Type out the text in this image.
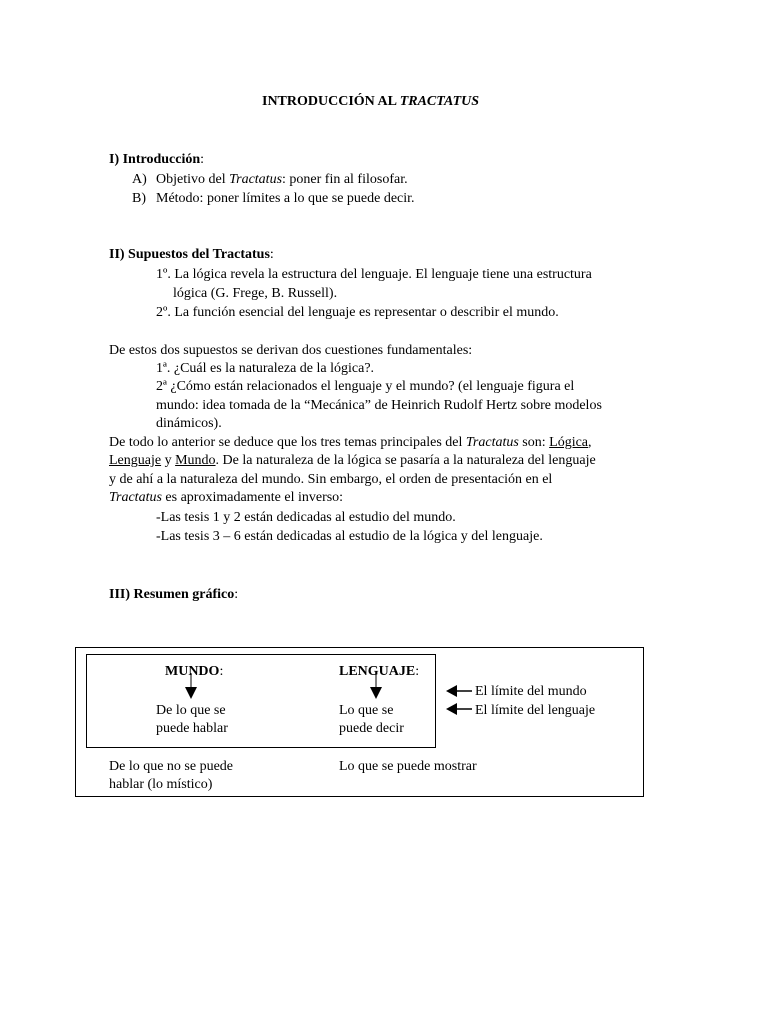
INTRODUCCIÓN AL TRACTATUS
I) Introducción:
A) Objetivo del Tractatus: poner fin al filosofar.
B) Método: poner límites a lo que se puede decir.
II) Supuestos del Tractatus:
1º. La lógica revela la estructura del lenguaje. El lenguaje tiene una estructura
lógica (G. Frege, B. Russell).
2º. La función esencial del lenguaje es representar o describir el mundo.
De estos dos supuestos se derivan dos cuestiones fundamentales:
1ª. ¿Cuál es la naturaleza de la lógica?.
2ª ¿Cómo están relacionados el lenguaje y el mundo? (el lenguaje figura el
mundo: idea tomada de la “Mecánica” de Heinrich Rudolf Hertz sobre modelos
dinámicos).
De todo lo anterior se deduce que los tres temas principales del Tractatus son: Lógica,
Lenguaje y Mundo. De la naturaleza de la lógica se pasaría a la naturaleza del lenguaje
y de ahí a la naturaleza del mundo. Sin embargo, el orden de presentación en el
Tractatus es aproximadamente el inverso:
-Las tesis 1 y 2 están dedicadas al estudio del mundo.
-Las tesis 3 – 6 están dedicadas al estudio de la lógica y del lenguaje.
III) Resumen gráfico:
MUNDO:	LENGUAJE:
De lo que se
puede hablar
Lo que se
puede decir
El límite del mundo
El límite del lenguaje
De lo que no se puede
hablar (lo místico)
Lo que se puede mostrar
